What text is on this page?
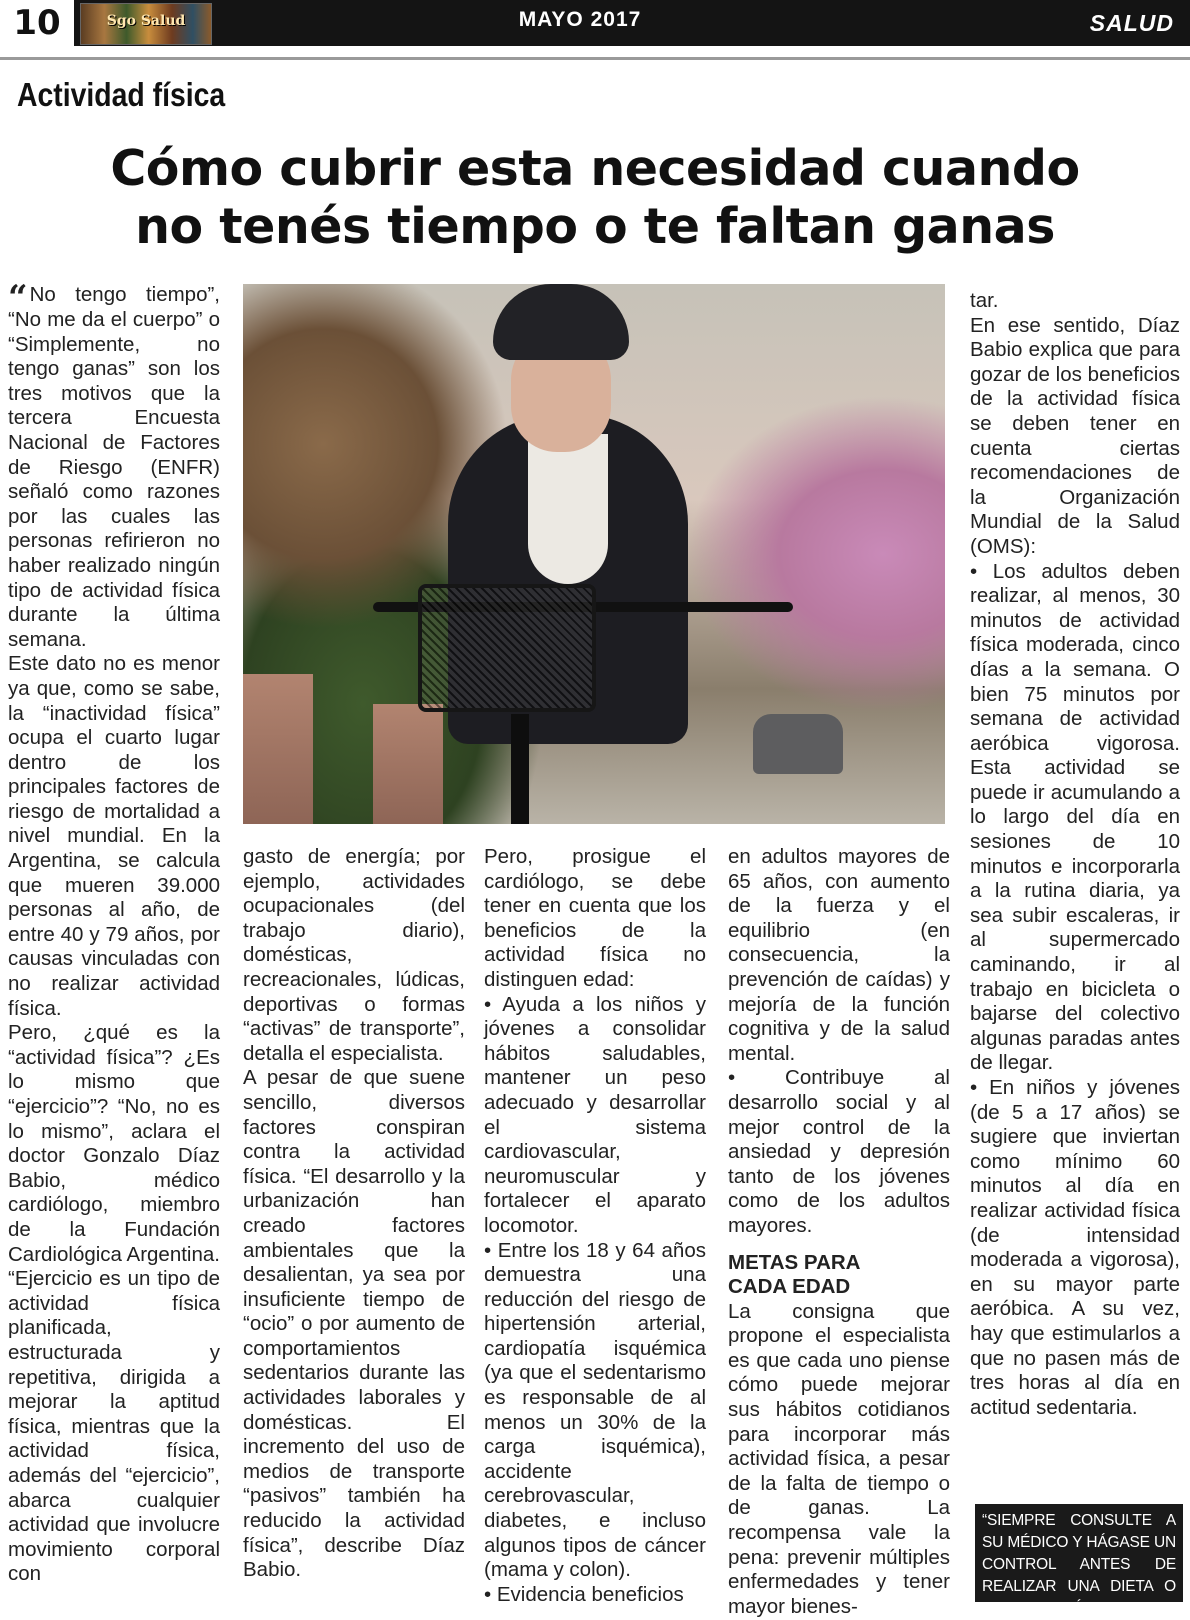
10	Sgo Salud	MAYO 2017	SALUD
Actividad física
Cómo cubrir esta necesidad cuando
no tenés tiempo o te faltan ganas

“No tengo tiempo”, “No me da el cuerpo” o “Simplemente, no tengo ganas” son los tres motivos que la tercera Encuesta Nacional de Factores de Riesgo (ENFR) señaló como razones por las cuales las personas refirieron no haber realizado ningún tipo de actividad física durante la última semana.

Este dato no es menor ya que, como se sabe, la “inactividad física” ocupa el cuarto lugar dentro de los principales factores de riesgo de mortalidad a nivel mundial. En la Argentina, se calcula que mueren 39.000 personas al año, de entre 40 y 79 años, por causas vinculadas con no realizar actividad física.

Pero, ¿qué es la “actividad física”? ¿Es lo mismo que “ejercicio”? “No, no es lo mismo”, aclara el doctor Gonzalo Díaz Babio, médico cardiólogo, miembro de la Fundación Cardiológica Argentina.

“Ejercicio es un tipo de actividad física planificada, estructurada y repetitiva, dirigida a mejorar la aptitud física, mientras que la actividad física, además del “ejercicio”, abarca cualquier actividad que involucre movimiento corporal con

gasto de energía; por ejemplo, actividades ocupacionales (del trabajo diario), domésticas, recreacionales, lúdicas, deportivas o formas “activas” de transporte”, detalla el especialista.

A pesar de que suene sencillo, diversos factores conspiran contra la actividad física. “El desarrollo y la urbanización han creado factores ambientales que la desalientan, ya sea por insuficiente tiempo de “ocio” o por aumento de comportamientos sedentarios durante las actividades laborales y domésticas. El incremento del uso de medios de transporte “pasivos” también ha reducido la actividad física”, describe Díaz Babio.

Pero, prosigue el cardiólogo, se debe tener en cuenta que los beneficios de la actividad física no distinguen edad:

• Ayuda a los niños y jóvenes a consolidar hábitos saludables, mantener un peso adecuado y desarrollar el sistema cardiovascular, neuromuscular y fortalecer el aparato locomotor.

• Entre los 18 y 64 años demuestra una reducción del riesgo de hipertensión arterial, cardiopatía isquémica (ya que el sedentarismo es responsable de al menos un 30% de la carga isquémica), accidente cerebrovascular, diabetes, e incluso algunos tipos de cáncer (mama y colon).

• Evidencia beneficios

en adultos mayores de 65 años, con aumento de la fuerza y el equilibrio (en consecuencia, la prevención de caídas) y mejoría de la función cognitiva y de la salud mental.

• Contribuye al desarrollo social y al mejor control de la ansiedad y depresión tanto de los jóvenes como de los adultos mayores.

METAS PARA
CADA EDAD

La consigna que propone el especialista es que cada uno piense cómo puede mejorar sus hábitos cotidianos para incorporar más actividad física, a pesar de la falta de tiempo o de ganas. La recompensa vale la pena: prevenir múltiples enfermedades y tener mayor bienes-

tar.

En ese sentido, Díaz Babio explica que para gozar de los beneficios de la actividad física se deben tener en cuenta ciertas recomendaciones de la Organización Mundial de la Salud (OMS):

• Los adultos deben realizar, al menos, 30 minutos de actividad física moderada, cinco días a la semana. O bien 75 minutos por semana de actividad aeróbica vigorosa. Esta actividad se puede ir acumulando a lo largo del día en sesiones de 10 minutos e incorporarla a la rutina diaria, ya sea subir escaleras, ir al supermercado caminando, ir al trabajo en bicicleta o bajarse del colectivo algunas paradas antes de llegar.

• En niños y jóvenes (de 5 a 17 años) se sugiere que inviertan como mínimo 60 minutos al día en realizar actividad física (de intensidad moderada a vigorosa), en su mayor parte aeróbica. A su vez, hay que estimularlos a que no pasen más de tres horas al día en actitud sedentaria.

“SIEMPRE CONSULTE A SU MÉDICO Y HÁGASE UN CONTROL ANTES DE REALIZAR UNA DIETA O ACTIVIDAD FÍSICA”
